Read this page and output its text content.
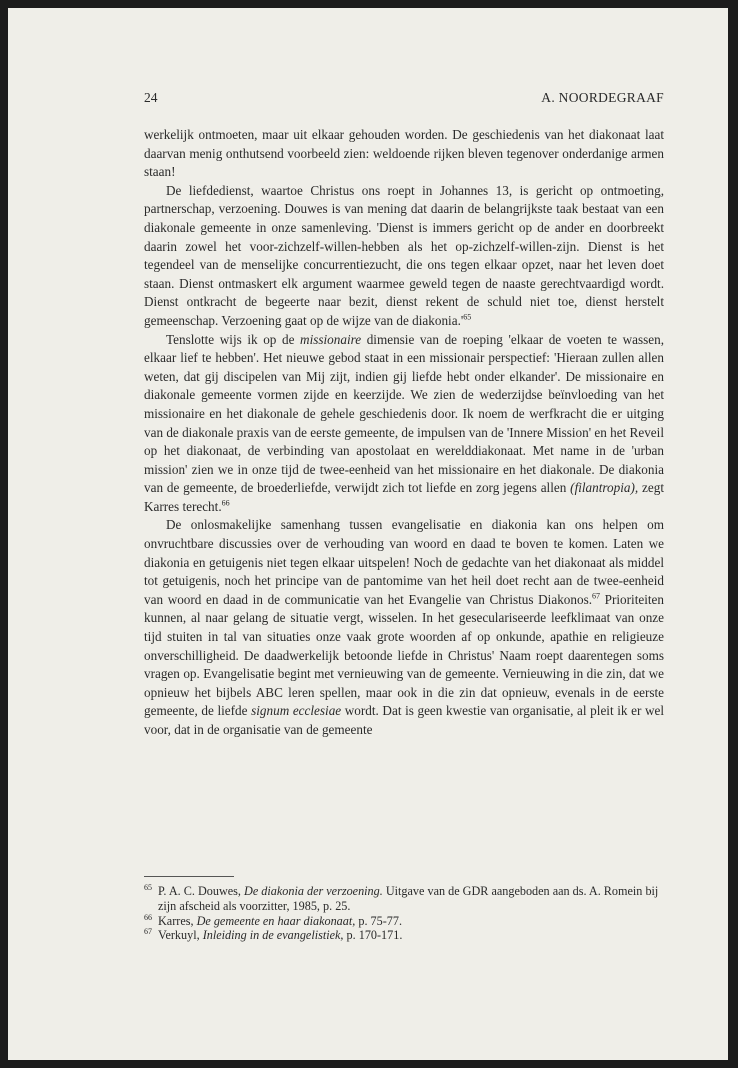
24	A. NOORDEGRAAF

werkelijk ontmoeten, maar uit elkaar gehouden worden. De geschiedenis van het diakonaat laat daarvan menig onthutsend voorbeeld zien: weldoende rijken bleven tegenover onderdanige armen staan!

De liefdedienst, waartoe Christus ons roept in Johannes 13, is gericht op ontmoeting, partnerschap, verzoening. Douwes is van mening dat daarin de belangrijkste taak bestaat van een diakonale gemeente in onze samenleving. 'Dienst is immers gericht op de ander en doorbreekt daarin zowel het voor-zichzelf-willen-hebben als het op-zichzelf-willen-zijn. Dienst is het tegendeel van de menselijke concurrentiezucht, die ons tegen elkaar opzet, naar het leven doet staan. Dienst ontmaskert elk argument waarmee geweld tegen de naaste gerechtvaardigd wordt. Dienst ontkracht de begeerte naar bezit, dienst rekent de schuld niet toe, dienst herstelt gemeenschap. Verzoening gaat op de wijze van de $diakonia.'^{65}$

Tenslotte wijs ik op de missionaire dimensie van de roeping 'elkaar de voeten te wassen, elkaar lief te hebben'. Het nieuwe gebod staat in een missionair perspectief: 'Hieraan zullen allen weten, dat gij discipelen van Mij zijt, indien gij liefde hebt onder elkander'. De missionaire en diakonale gemeente vormen zijde en keerzijde. We zien de wederzijdse beïnvloeding van het missionaire en het diakonale de gehele geschiedenis door. Ik noem de werfkracht die er uitging van de diakonale praxis van de eerste gemeente, de impulsen van de 'Innere Mission' en het Reveil op het diakonaat, de verbinding van apostolaat en werelddiakonaat. Met name in de 'urban mission' zien we in onze tijd de twee-eenheid van het missionaire en het diakonale. De diakonia van de gemeente, de broederliefde, verwijdt zich tot liefde en zorg jegens allen (filantropia), zegt Karres terecht.$^{66}$

De onlosmakelijke samenhang tussen evangelisatie en diakonia kan ons helpen om onvruchtbare discussies over de verhouding van woord en daad te boven te komen. Laten we diakonia en getuigenis niet tegen elkaar uitspelen! Noch de gedachte van het diakonaat als middel tot getuigenis, noch het principe van de pantomime van het heil doet recht aan de twee-eenheid van woord en daad in de communicatie van het Evangelie van Christus Diakonos.$^{67}$ Prioriteiten kunnen, al naar gelang de situatie vergt, wisselen. In het geseculariseerde leefklimaat van onze tijd stuiten in tal van situaties onze vaak grote woorden af op onkunde, apathie en religieuze onverschilligheid. De daadwerkelijk betoonde liefde in Christus' Naam roept daarentegen soms vragen op. Evangelisatie begint met vernieuwing van de gemeente. Vernieuwing in die zin, dat we opnieuw het bijbels ABC leren spellen, maar ook in die zin dat opnieuw, evenals in de eerste gemeente, de liefde signum ecclesiae wordt. Dat is geen kwestie van organisatie, al pleit ik er wel voor, dat in de organisatie van de gemeente

$^{65}$ P. A. C. Douwes, De diakonia der verzoening. Uitgave van de GDR aangeboden aan ds. A. Romein bij zijn afscheid als voorzitter, 1985, p. 25.
$^{66}$ Karres, De gemeente en haar diakonaat, p. 75-77.
$^{67}$ Verkuyl, Inleiding in de evangelistiek, p. 170-171.
